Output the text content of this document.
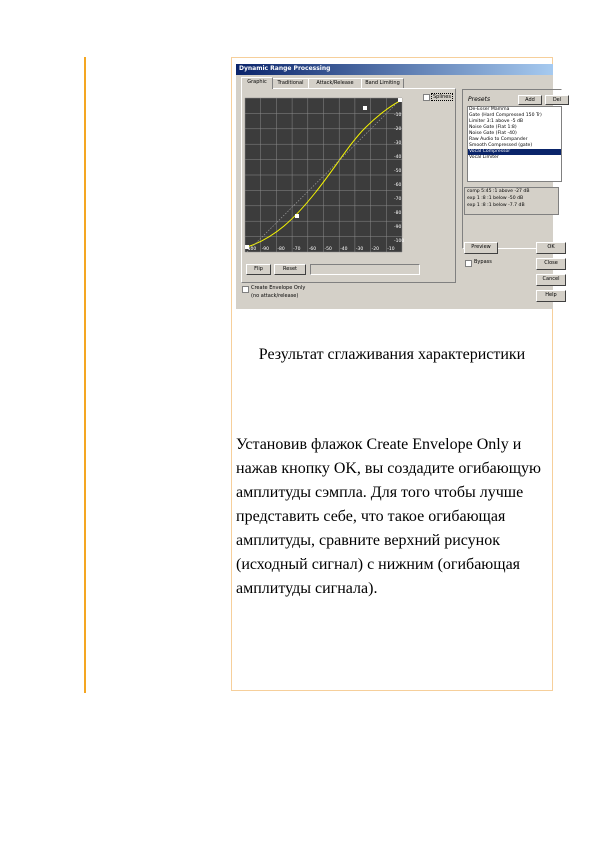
Dynamic Range Processing
Graphic	Traditional	Attack/Release	Band Limiting
-10
-20
-30
-40
-50
-60
-70
-80
-90
-100
-100 -90 -80 -70 -60 -50 -40 -30 -20 -10
Splines
Flip	Reset
Create Envelope Only
(no attack/release)
Presets	Add	Del
De-Esser Mamma
Gate (Hard Compressed 150 Tr)
Limiter 3:1 above -5 dB
Noise Gate (Flat 1:8)
Noise Gate (Flat -40)
Raw Audio to Compander
Smooth Compressed (gate)
Vocal Compressor
Vocal Limiter
comp 5:45 :1 above -27 dB
exp 1 :8 :1 below -50 dB
exp 1 :8 :1 below -7.7 dB
Preview
Bypass
OK
Close
Cancel
Help
Результат сглаживания характеристики
Установив флажок Create Envelope Only и нажав кнопку OK, вы создадите огибающую амплитуды сэмпла. Для того чтобы лучше представить себе, что такое огибающая амплитуды, сравните верхний рисунок (исходный сигнал) с нижним (огибающая амплитуды сигнала).
